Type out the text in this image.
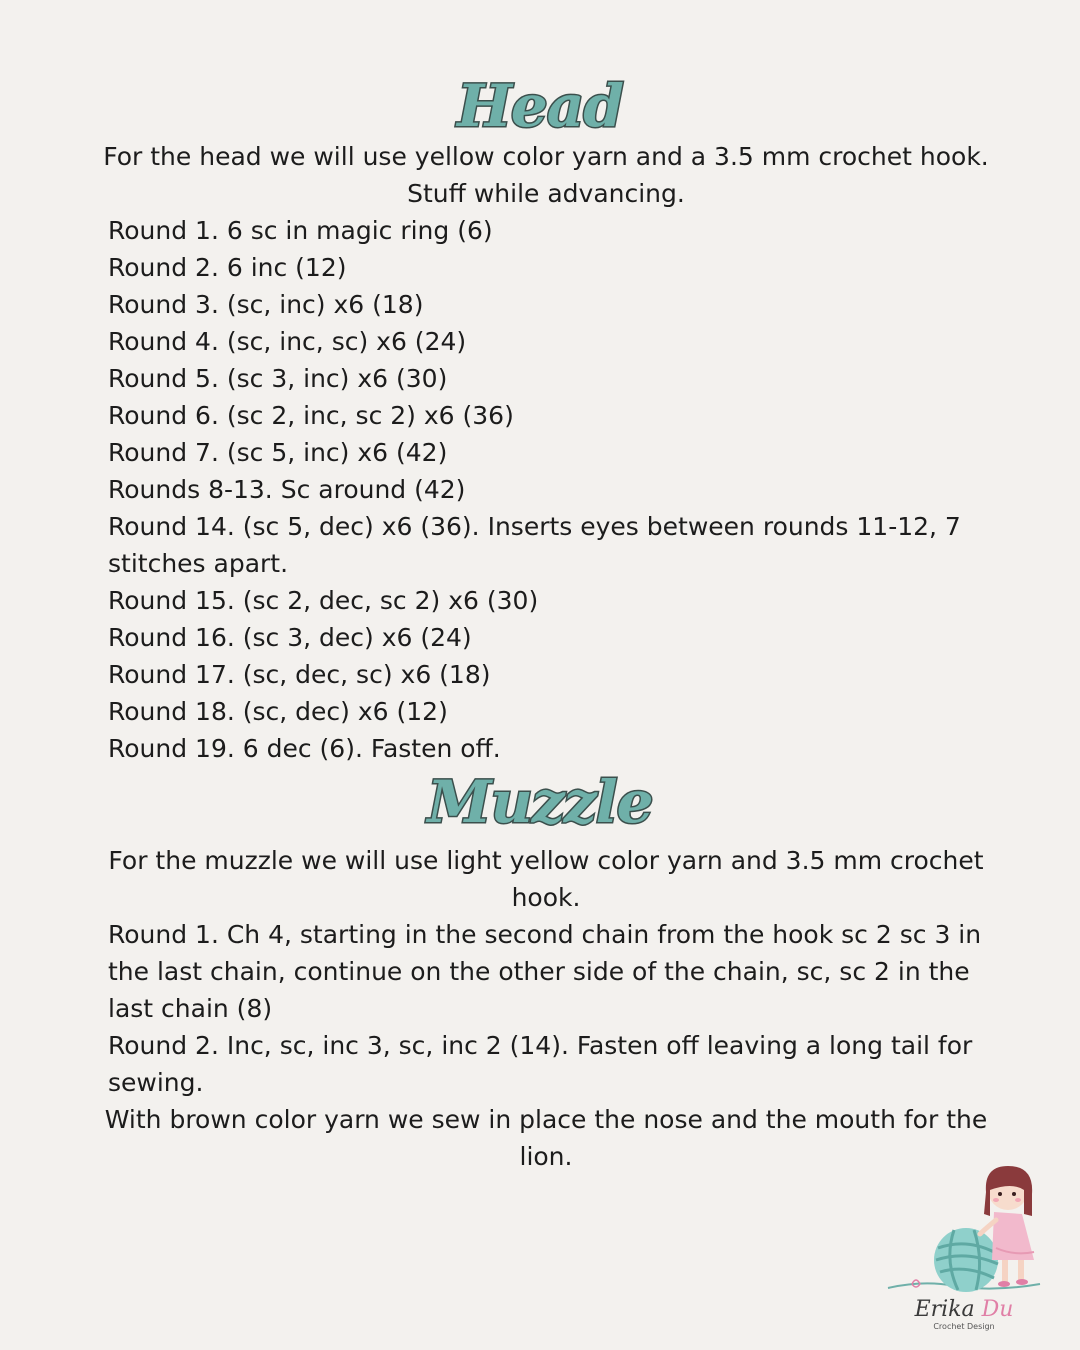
Head

For the head we will use yellow color yarn and a 3.5 mm crochet hook. Stuff while advancing.

Round 1. 6 sc in magic ring (6)
Round 2. 6 inc (12)
Round 3. (sc, inc) x6 (18)
Round 4. (sc, inc, sc) x6 (24)
Round 5. (sc 3, inc) x6 (30)
Round 6. (sc 2, inc, sc 2) x6 (36)
Round 7. (sc 5, inc) x6 (42)
Rounds 8-13. Sc around (42)
Round 14. (sc 5, dec) x6 (36). Inserts eyes between rounds 11-12, 7 stitches apart.
Round 15. (sc 2, dec, sc 2) x6 (30)
Round 16. (sc 3, dec) x6 (24)
Round 17. (sc, dec, sc) x6 (18)
Round 18. (sc, dec) x6 (12)
Round 19. 6 dec (6). Fasten off.
Muzzle

For the muzzle we will use light yellow color yarn and 3.5 mm crochet hook.

Round 1. Ch 4, starting in the second chain from the hook sc 2 sc 3 in the last chain, continue on the other side of the chain, sc, sc 2 in the last chain (8)
Round 2. Inc, sc, inc 3, sc, inc 2 (14). Fasten off leaving a long tail for sewing.

With brown color yarn we sew in place the nose and the mouth for the lion.

Erika Du
Crochet Design
